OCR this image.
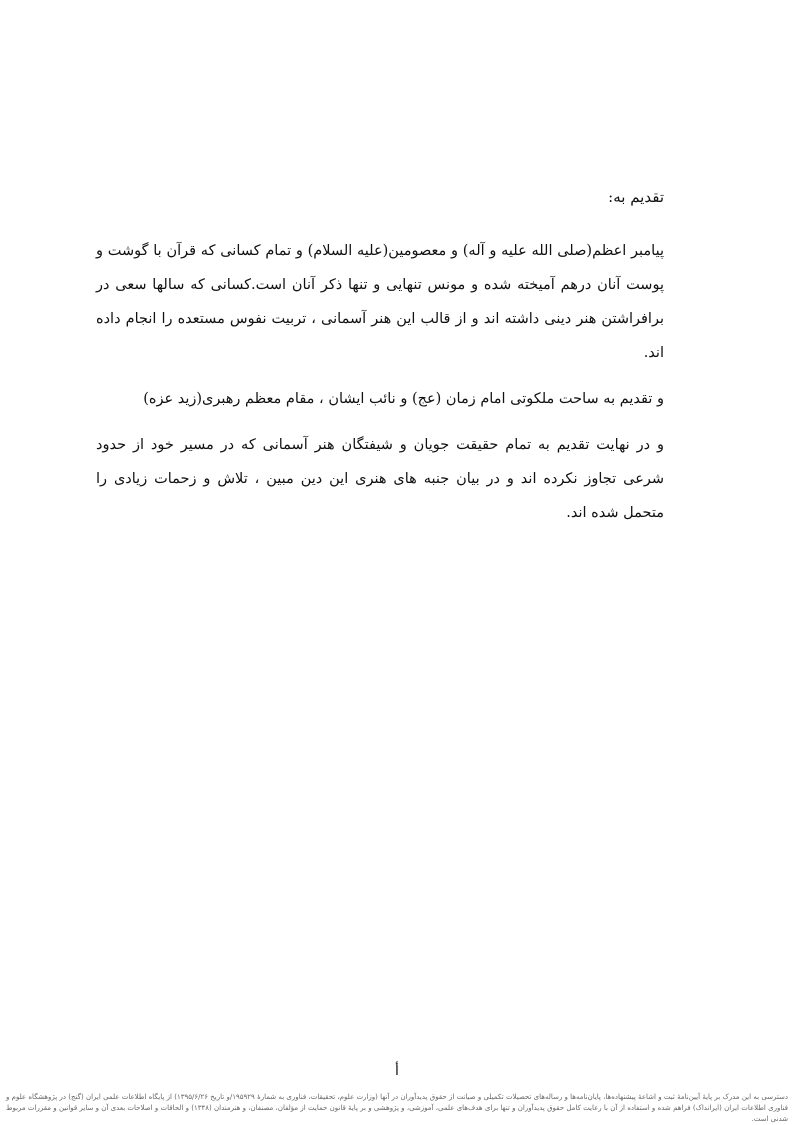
تقدیم به:

پیامبر اعظم(صلی الله علیه و آله) و معصومین(علیه السلام) و تمام کسانی که قرآن با گوشت و پوست آنان درهم آمیخته شده و مونس تنهایی و تنها ذکر آنان است.کسانی که سالها سعی در برافراشتن هنر دینی داشته اند و از قالب این هنر آسمانی ، تربیت نفوس مستعده را انجام داده اند.

و تقدیم به ساحت ملکوتی امام زمان (عج) و نائب ایشان ، مقام معظم رهبری(زید عزه)

و در نهایت تقدیم به تمام حقیقت جویان و شیفتگان هنر آسمانی که در مسیر خود از حدود شرعی تجاوز نکرده اند و در بیان جنبه های هنری این دین مبین ، تلاش و زحمات زیادی را متحمل شده اند.

أ
دسترسی به این مدرک بر پایهٔ آیین‌نامهٔ ثبت و اشاعهٔ پیشنهاده‌ها، پایان‌نامه‌ها و رساله‌های تحصیلات تکمیلی و صیانت از حقوق پدیدآوران در آنها (وزارت علوم، تحقیقات، فناوری به شمارهٔ ۱۹۵۹۲۹/و تاریخ ۱۳۹۵/۶/۲۶) از پایگاه اطلاعات علمی ایران (گنج) در پژوهشگاه علوم و فناوری اطلاعات ایران (ایرانداک) فراهم شده و استفاده از آن با رعایت کامل حقوق پدیدآوران و تنها برای هدف‌های علمی، آموزشی، و پژوهشی و بر پایهٔ قانون حمایت از مؤلفان، مصنفان، و هنرمندان (۱۳۴۸) و الحاقات و اصلاحات بعدی آن و سایر قوانین و مقررات مربوط شدنی است.
